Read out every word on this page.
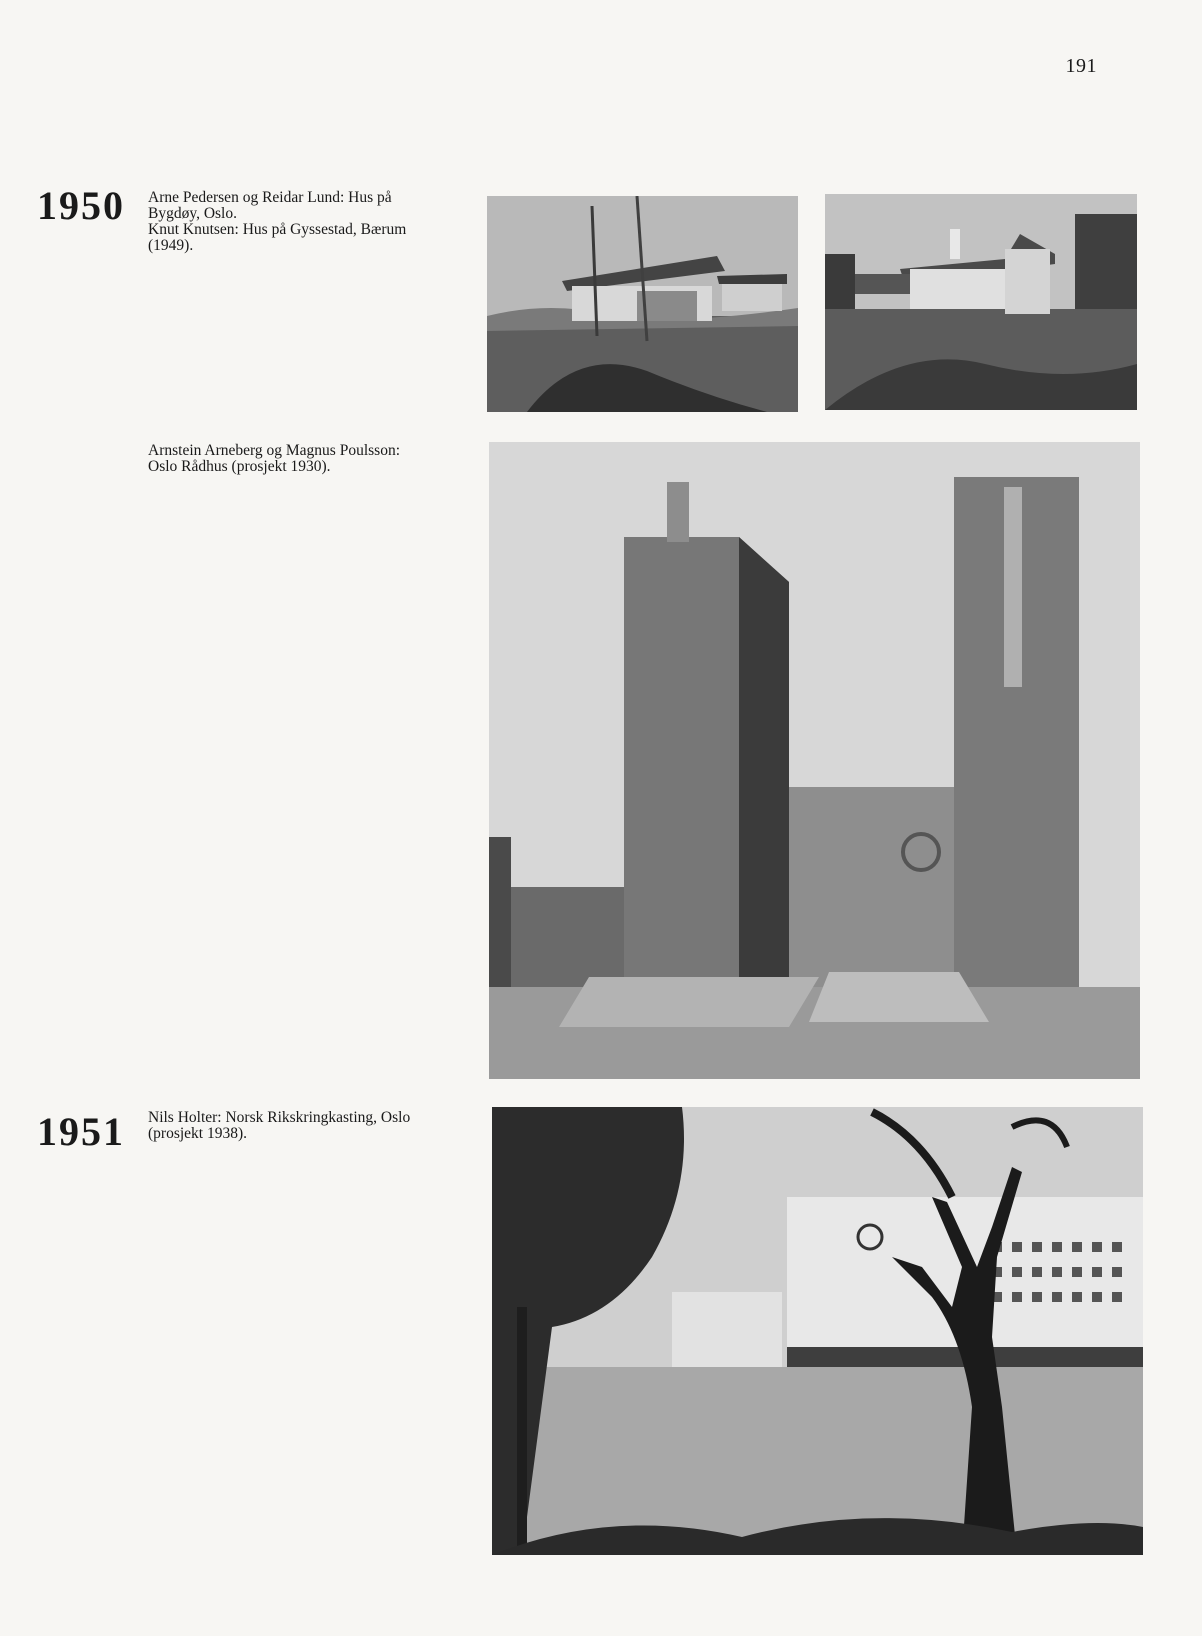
191
1950 Arne Pedersen og Reidar Lund: Hus på

Bygdøy, Oslo.

Knut Knutsen: Hus på Gyssestad, Bærum

(1949).

Arnstein Arneberg og Magnus Poulsson:

Oslo Rådhus (prosjekt 1930).

1951 Nils Holter: Norsk Rikskringkasting, Oslo

(prosjekt 1938).
